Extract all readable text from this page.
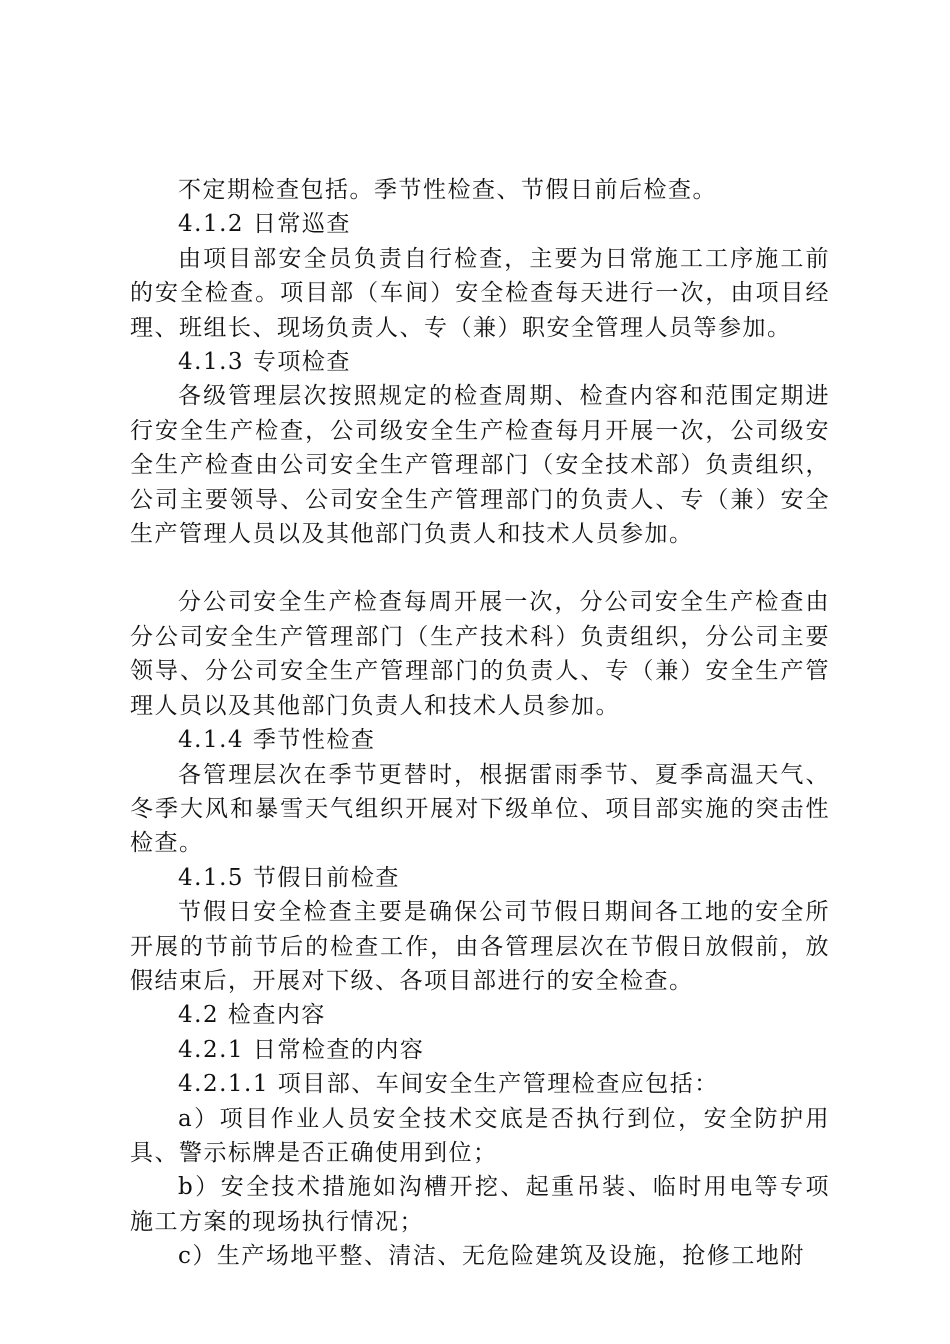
不定期检查包括。季节性检查、节假日前后检查。

4.1.2 日常巡查

由项目部安全员负责自行检查，主要为日常施工工序施工前的安全检查。项目部（车间）安全检查每天进行一次，由项目经理、班组长、现场负责人、专（兼）职安全管理人员等参加。

4.1.3 专项检查

各级管理层次按照规定的检查周期、检查内容和范围定期进行安全生产检查，公司级安全生产检查每月开展一次，公司级安全生产检查由公司安全生产管理部门（安全技术部）负责组织，公司主要领导、公司安全生产管理部门的负责人、专（兼）安全生产管理人员以及其他部门负责人和技术人员参加。

分公司安全生产检查每周开展一次，分公司安全生产检查由分公司安全生产管理部门（生产技术科）负责组织，分公司主要领导、分公司安全生产管理部门的负责人、专（兼）安全生产管理人员以及其他部门负责人和技术人员参加。

4.1.4 季节性检查

各管理层次在季节更替时，根据雷雨季节、夏季高温天气、冬季大风和暴雪天气组织开展对下级单位、项目部实施的突击性检查。

4.1.5 节假日前检查

节假日安全检查主要是确保公司节假日期间各工地的安全所开展的节前节后的检查工作，由各管理层次在节假日放假前，放假结束后，开展对下级、各项目部进行的安全检查。

4.2 检查内容

4.2.1 日常检查的内容

4.2.1.1 项目部、车间安全生产管理检查应包括：

a）项目作业人员安全技术交底是否执行到位，安全防护用具、警示标牌是否正确使用到位；

b）安全技术措施如沟槽开挖、起重吊装、临时用电等专项施工方案的现场执行情况；

c）生产场地平整、清洁、无危险建筑及设施，抢修工地附
